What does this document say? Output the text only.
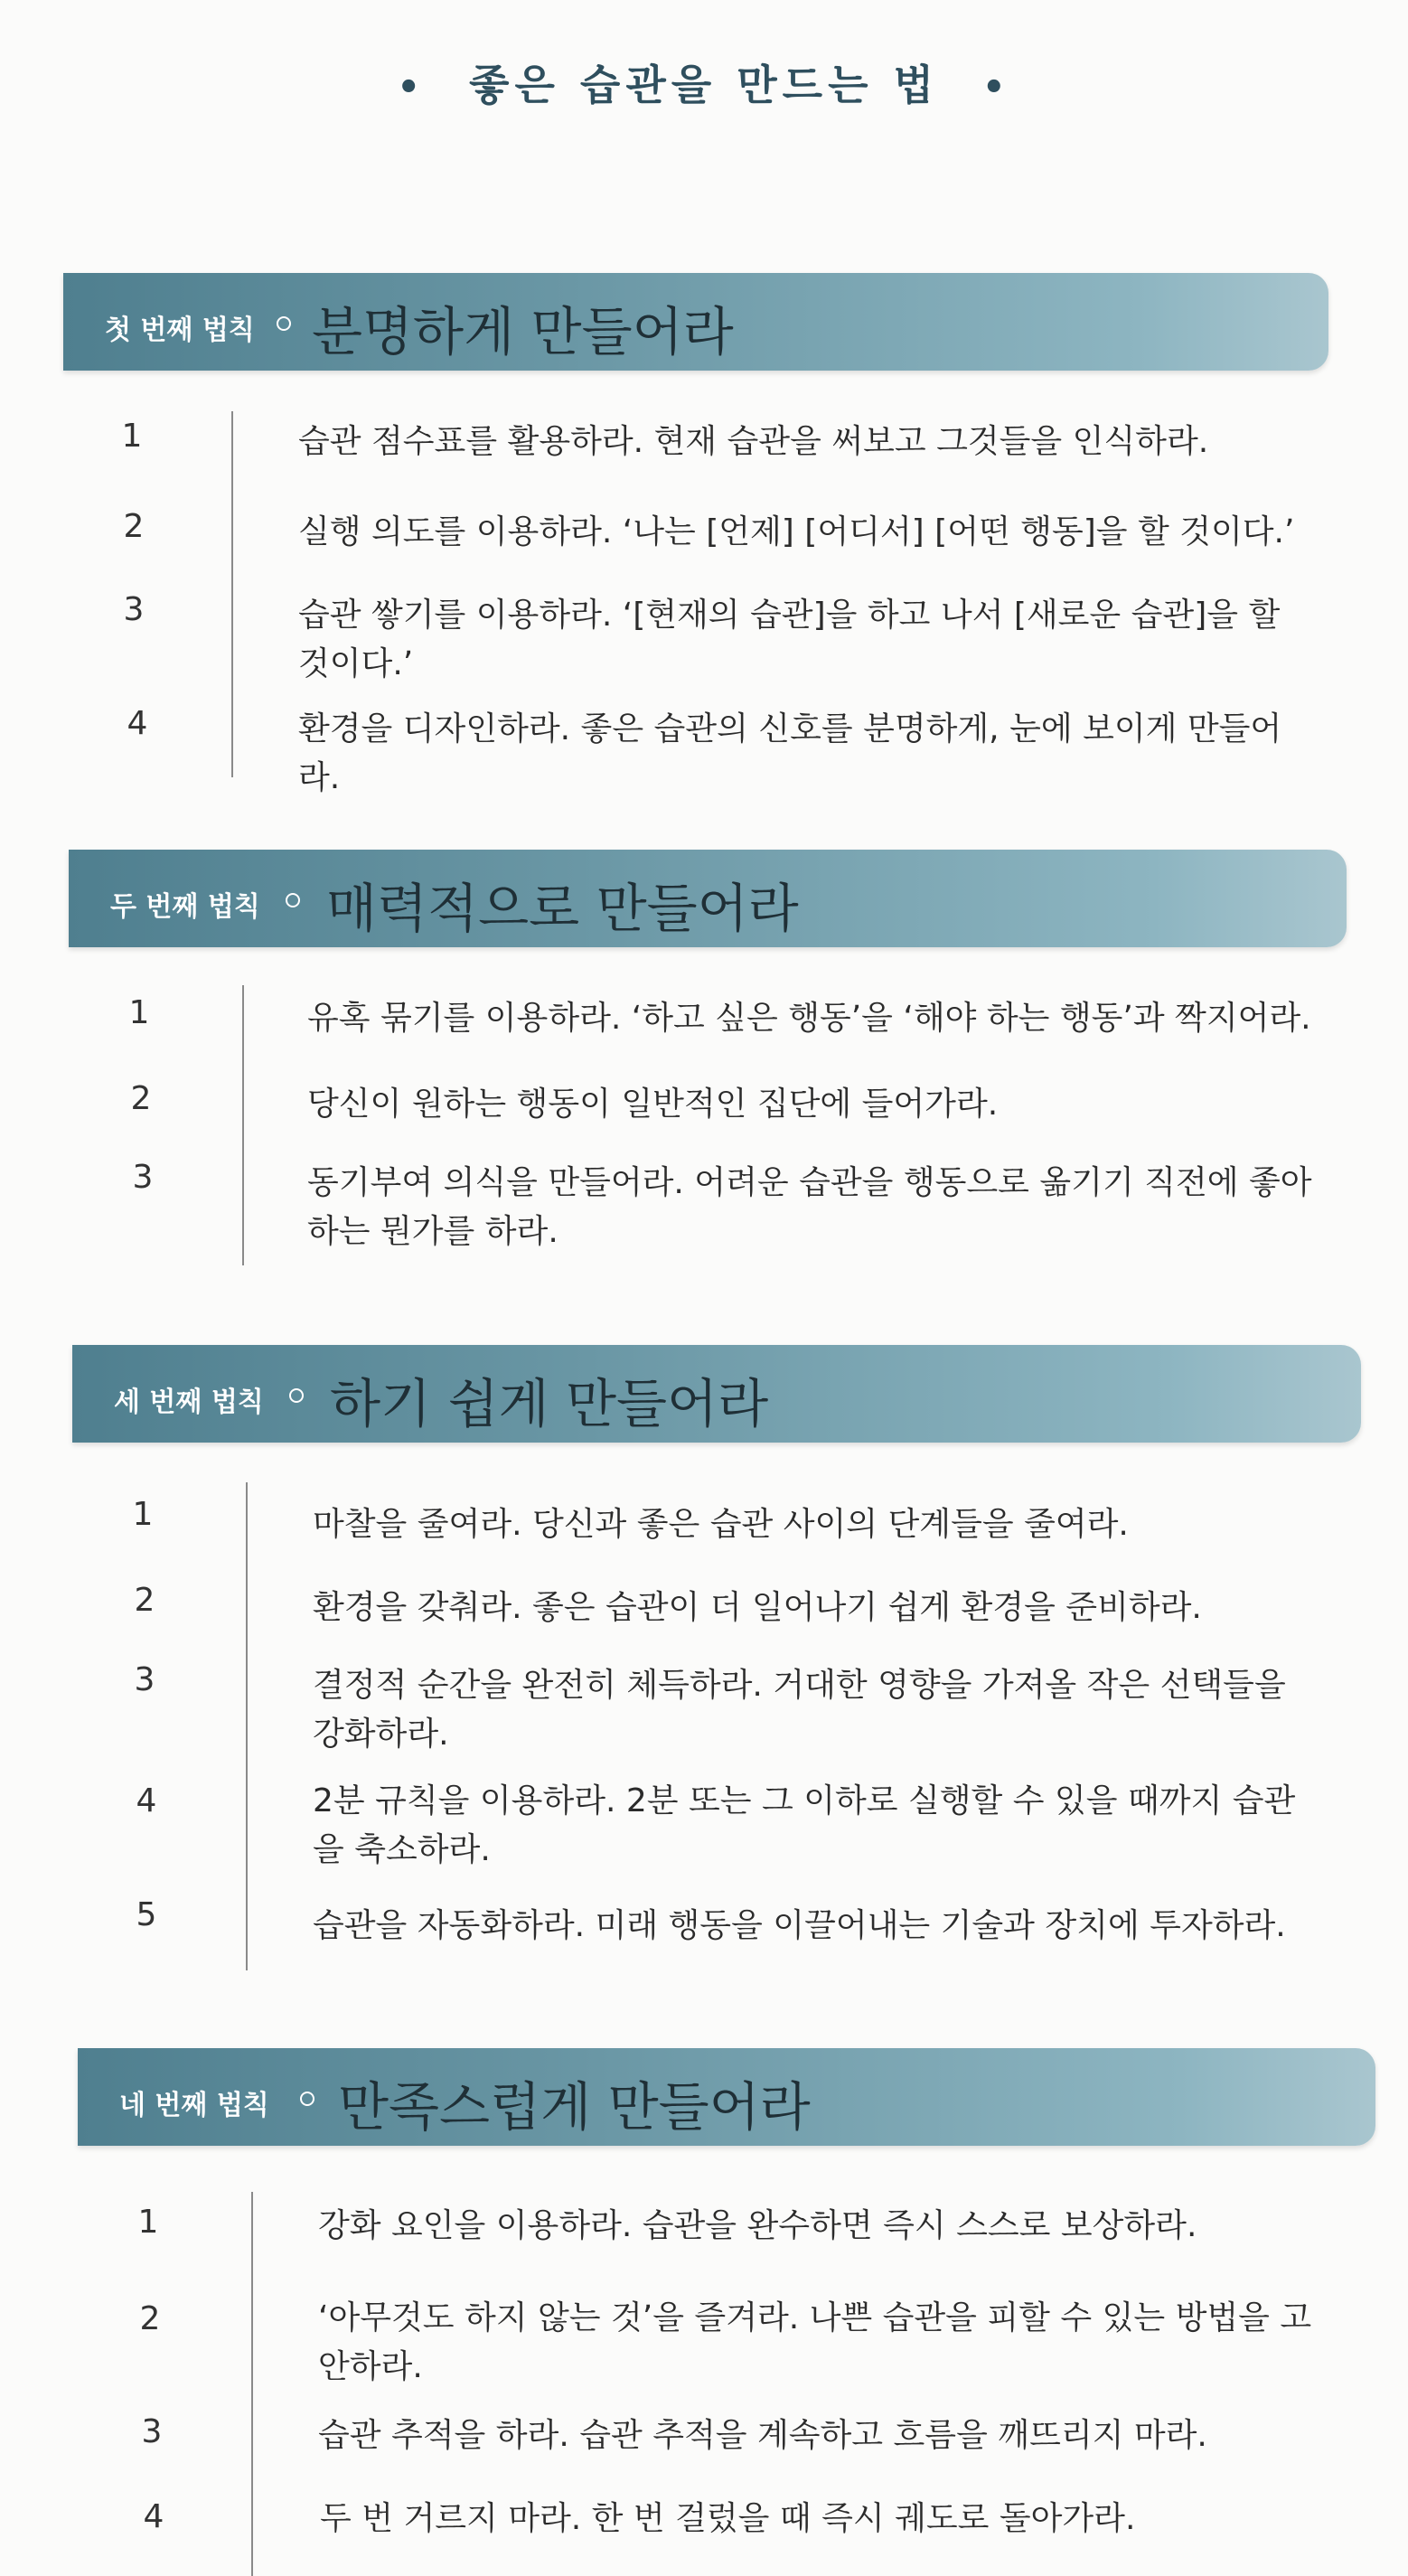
• 좋은 습관을 만드는 법 •
첫 번째 법칙 분명하게 만들어라
1	습관 점수표를 활용하라. 현재 습관을 써보고 그것들을 인식하라.
2	실행 의도를 이용하라. ‘나는 [언제] [어디서] [어떤 행동]을 할 것이다.’
3	습관 쌓기를 이용하라. ‘[현재의 습관]을 하고 나서 [새로운 습관]을 할 것이다.’
4	환경을 디자인하라. 좋은 습관의 신호를 분명하게, 눈에 보이게 만들어라.
두 번째 법칙 매력적으로 만들어라
1	유혹 묶기를 이용하라. ‘하고 싶은 행동’을 ‘해야 하는 행동’과 짝지어라.
2	당신이 원하는 행동이 일반적인 집단에 들어가라.
3	동기부여 의식을 만들어라. 어려운 습관을 행동으로 옮기기 직전에 좋아하는 뭔가를 하라.
세 번째 법칙 하기 쉽게 만들어라
1	마찰을 줄여라. 당신과 좋은 습관 사이의 단계들을 줄여라.
2	환경을 갖춰라. 좋은 습관이 더 일어나기 쉽게 환경을 준비하라.
3	결정적 순간을 완전히 체득하라. 거대한 영향을 가져올 작은 선택들을 강화하라.
4	2분 규칙을 이용하라. 2분 또는 그 이하로 실행할 수 있을 때까지 습관을 축소하라.
5	습관을 자동화하라. 미래 행동을 이끌어내는 기술과 장치에 투자하라.
네 번째 법칙 만족스럽게 만들어라
1	강화 요인을 이용하라. 습관을 완수하면 즉시 스스로 보상하라.
2	‘아무것도 하지 않는 것’을 즐겨라. 나쁜 습관을 피할 수 있는 방법을 고안하라.
3	습관 추적을 하라. 습관 추적을 계속하고 흐름을 깨뜨리지 마라.
4	두 번 거르지 마라. 한 번 걸렀을 때 즉시 궤도로 돌아가라.
